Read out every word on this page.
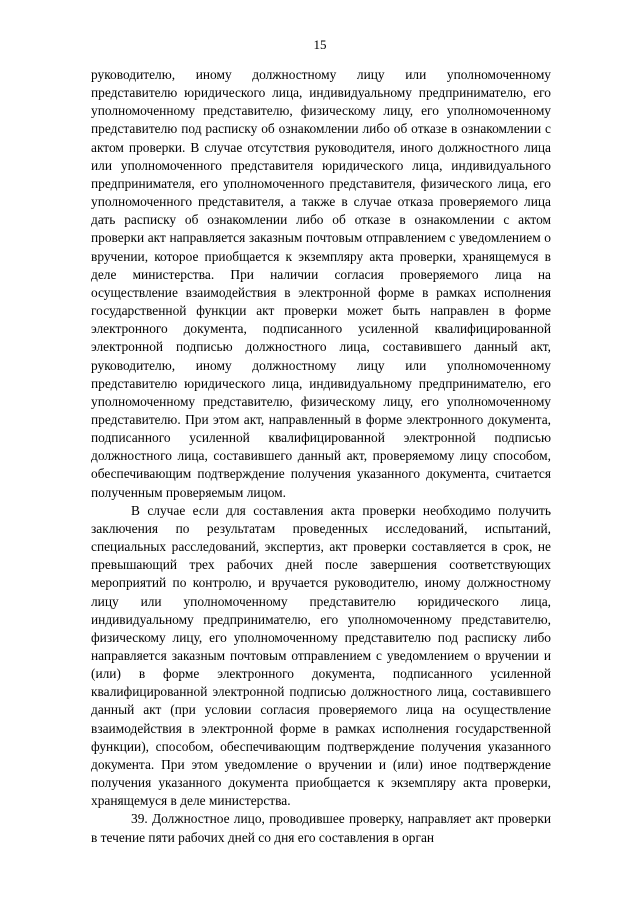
15

руководителю, иному должностному лицу или уполномоченному представителю юридического лица, индивидуальному предпринимателю, его уполномоченному представителю, физическому лицу, его уполномоченному представителю под расписку об ознакомлении либо об отказе в ознакомлении с актом проверки. В случае отсутствия руководителя, иного должностного лица или уполномоченного представителя юридического лица, индивидуального предпринимателя, его уполномоченного представителя, физического лица, его уполномоченного представителя, а также в случае отказа проверяемого лица дать расписку об ознакомлении либо об отказе в ознакомлении с актом проверки акт направляется заказным почтовым отправлением с уведомлением о вручении, которое приобщается к экземпляру акта проверки, хранящемуся в деле министерства. При наличии согласия проверяемого лица на осуществление взаимодействия в электронной форме в рамках исполнения государственной функции акт проверки может быть направлен в форме электронного документа, подписанного усиленной квалифицированной электронной подписью должностного лица, составившего данный акт, руководителю, иному должностному лицу или уполномоченному представителю юридического лица, индивидуальному предпринимателю, его уполномоченному представителю, физическому лицу, его уполномоченному представителю. При этом акт, направленный в форме электронного документа, подписанного усиленной квалифицированной электронной подписью должностного лица, составившего данный акт, проверяемому лицу способом, обеспечивающим подтверждение получения указанного документа, считается полученным проверяемым лицом.

В случае если для составления акта проверки необходимо получить заключения по результатам проведенных исследований, испытаний, специальных расследований, экспертиз, акт проверки составляется в срок, не превышающий трех рабочих дней после завершения соответствующих мероприятий по контролю, и вручается руководителю, иному должностному лицу или уполномоченному представителю юридического лица, индивидуальному предпринимателю, его уполномоченному представителю, физическому лицу, его уполномоченному представителю под расписку либо направляется заказным почтовым отправлением с уведомлением о вручении и (или) в форме электронного документа, подписанного усиленной квалифицированной электронной подписью должностного лица, составившего данный акт (при условии согласия проверяемого лица на осуществление взаимодействия в электронной форме в рамках исполнения государственной функции), способом, обеспечивающим подтверждение получения указанного документа. При этом уведомление о вручении и (или) иное подтверждение получения указанного документа приобщается к экземпляру акта проверки, хранящемуся в деле министерства.

39. Должностное лицо, проводившее проверку, направляет акт проверки в течение пяти рабочих дней со дня его составления в орган
